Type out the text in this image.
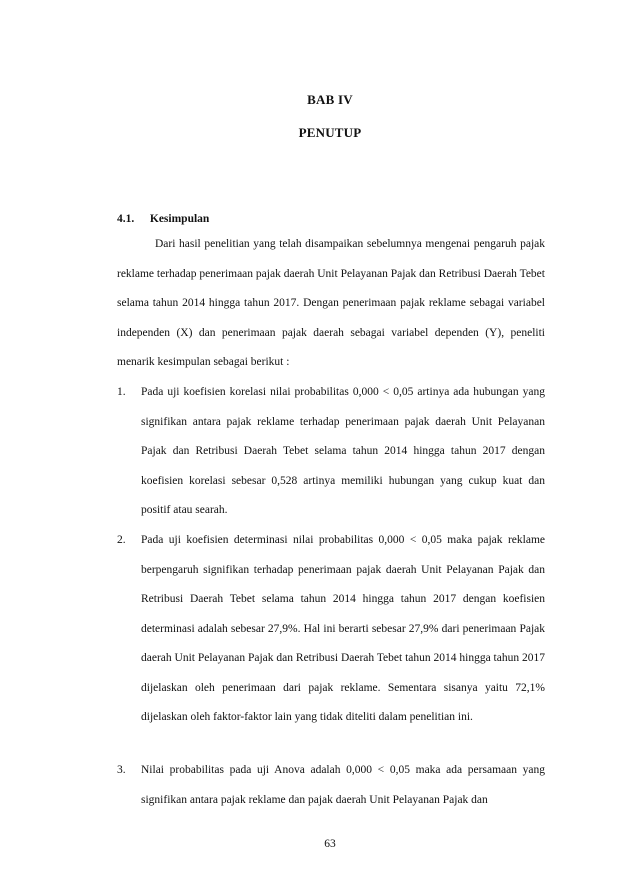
BAB IV
PENUTUP
4.1. Kesimpulan
Dari hasil penelitian yang telah disampaikan sebelumnya mengenai pengaruh pajak reklame terhadap penerimaan pajak daerah Unit Pelayanan Pajak dan Retribusi Daerah Tebet selama tahun 2014 hingga tahun 2017. Dengan penerimaan pajak reklame sebagai variabel independen (X) dan penerimaan pajak daerah sebagai variabel dependen (Y), peneliti menarik kesimpulan sebagai berikut :
1. Pada uji koefisien korelasi nilai probabilitas 0,000 < 0,05 artinya ada hubungan yang signifikan antara pajak reklame terhadap penerimaan pajak daerah Unit Pelayanan Pajak dan Retribusi Daerah Tebet selama tahun 2014 hingga tahun 2017 dengan koefisien korelasi sebesar 0,528 artinya memiliki hubungan yang cukup kuat dan positif atau searah.
2. Pada uji koefisien determinasi nilai probabilitas 0,000 < 0,05 maka pajak reklame berpengaruh signifikan terhadap penerimaan pajak daerah Unit Pelayanan Pajak dan Retribusi Daerah Tebet selama tahun 2014 hingga tahun 2017 dengan koefisien determinasi adalah sebesar 27,9%. Hal ini berarti sebesar 27,9% dari penerimaan Pajak daerah Unit Pelayanan Pajak dan Retribusi Daerah Tebet tahun 2014 hingga tahun 2017 dijelaskan oleh penerimaan dari pajak reklame. Sementara sisanya yaitu 72,1% dijelaskan oleh faktor-faktor lain yang tidak diteliti dalam penelitian ini.
3. Nilai probabilitas pada uji Anova adalah 0,000 < 0,05 maka ada persamaan yang signifikan antara pajak reklame dan pajak daerah Unit Pelayanan Pajak dan
63
